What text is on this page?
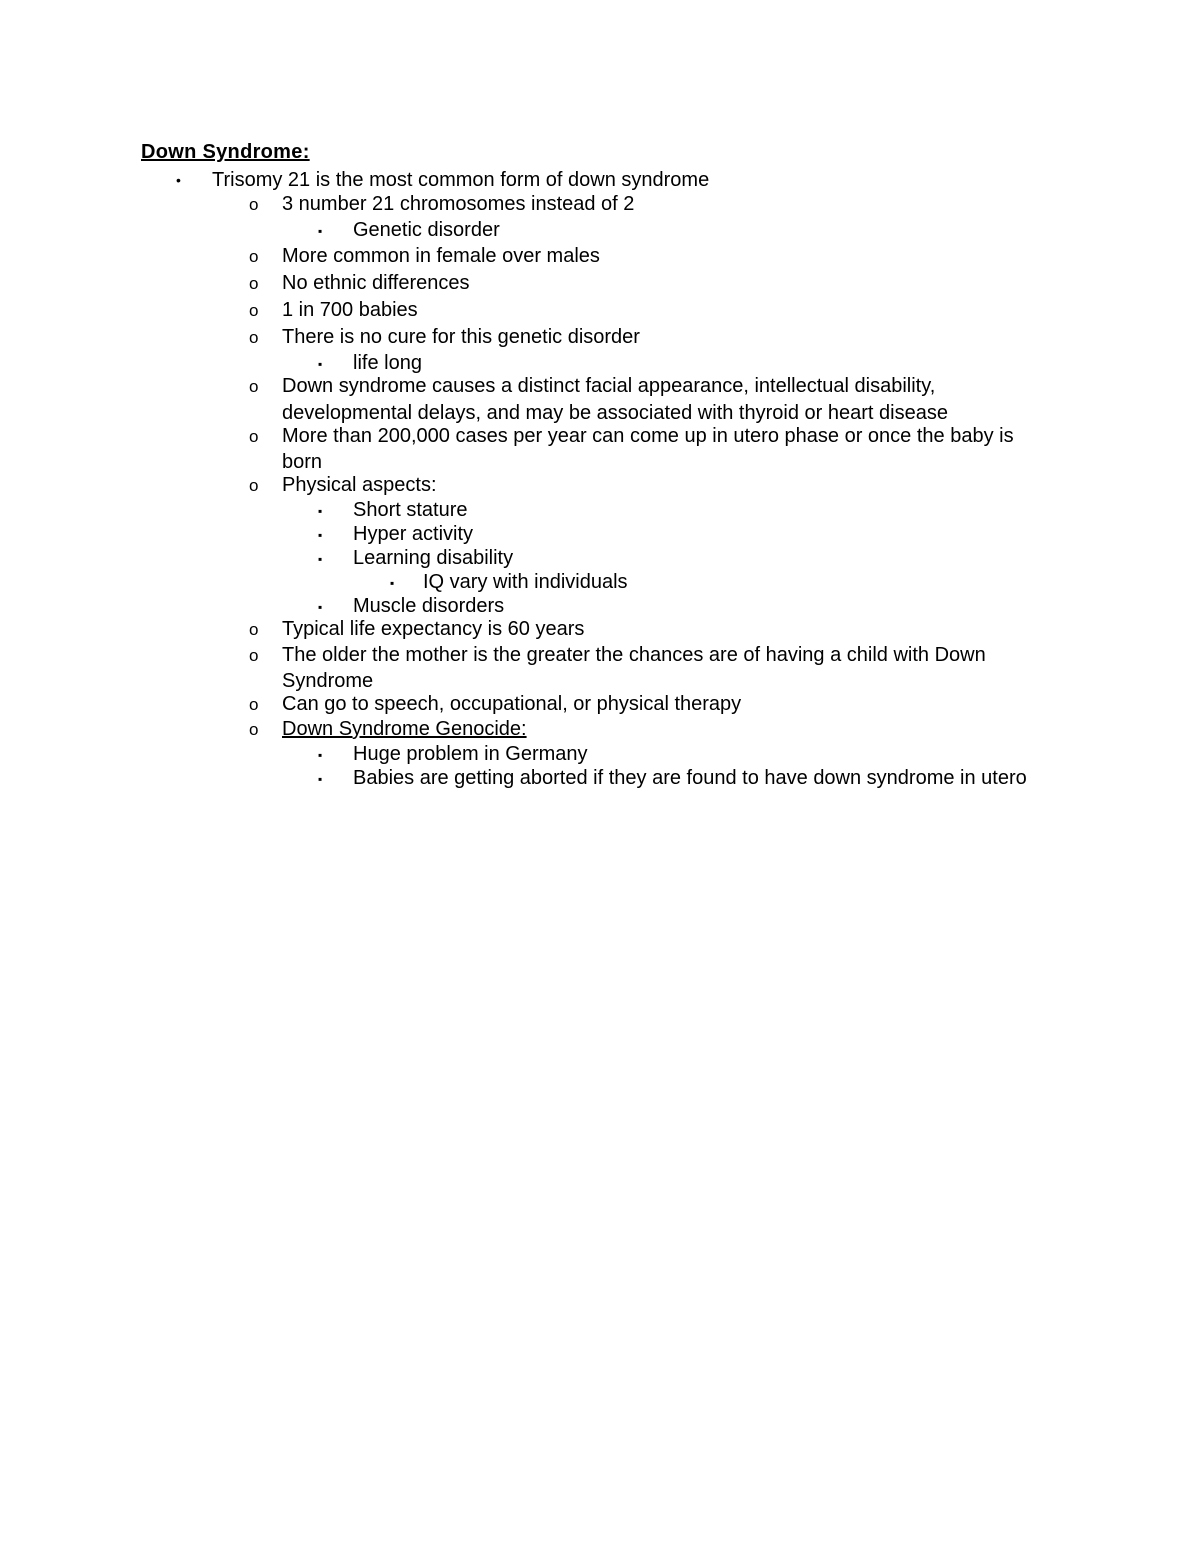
Down Syndrome:
• Trisomy 21 is the most common form of down syndrome
o 3 number 21 chromosomes instead of 2
▪ Genetic disorder
o More common in female over males
o No ethnic differences
o 1 in 700 babies
o There is no cure for this genetic disorder
▪ life long
o Down syndrome causes a distinct facial appearance, intellectual disability,
developmental delays, and may be associated with thyroid or heart disease
o More than 200,000 cases per year can come up in utero phase or once the baby is
born
o Physical aspects:
▪ Short stature
▪ Hyper activity
▪ Learning disability
▪ IQ vary with individuals
▪ Muscle disorders
o Typical life expectancy is 60 years
o The older the mother is the greater the chances are of having a child with Down
Syndrome
o Can go to speech, occupational, or physical therapy
o Down Syndrome Genocide:
▪ Huge problem in Germany
▪ Babies are getting aborted if they are found to have down syndrome in utero
